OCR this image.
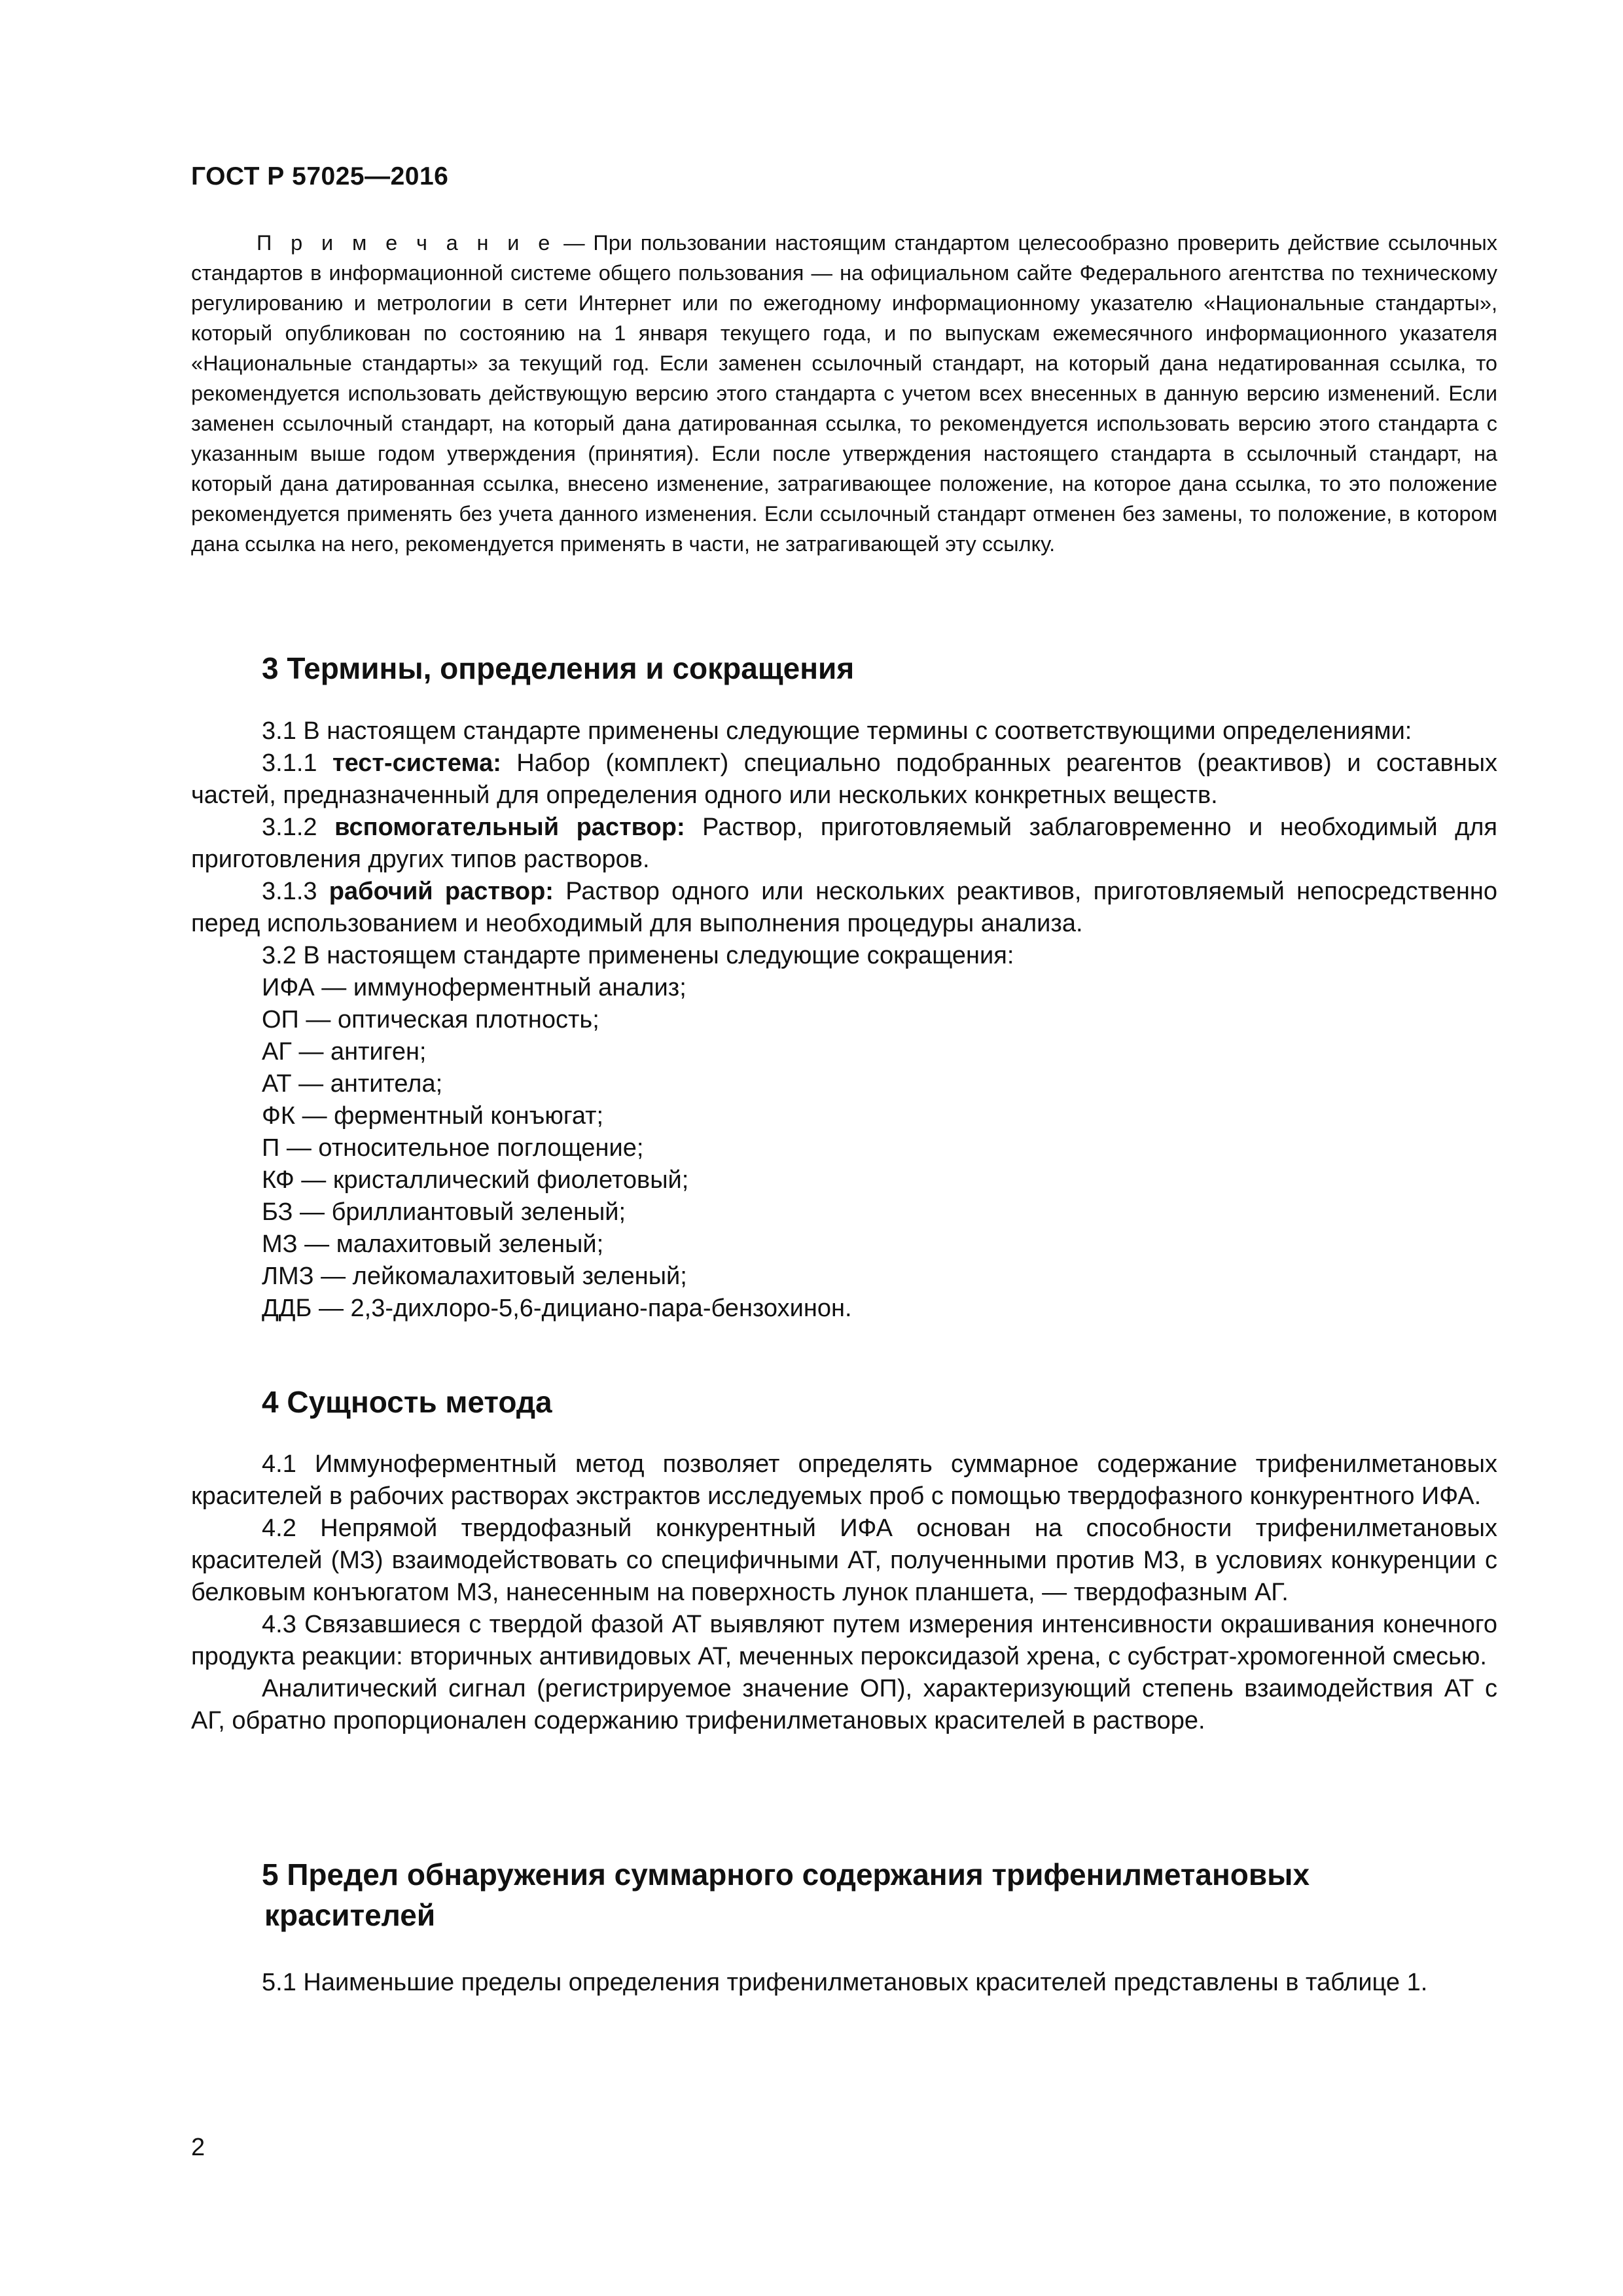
ГОСТ Р 57025—2016
П р и м е ч а н и е — При пользовании настоящим стандартом целесообразно проверить действие ссылочных стандартов в информационной системе общего пользования — на официальном сайте Федерального агентства по техническому регулированию и метрологии в сети Интернет или по ежегодному информационному указателю «Национальные стандарты», который опубликован по состоянию на 1 января текущего года, и по выпускам ежемесячного информационного указателя «Национальные стандарты» за текущий год. Если заменен ссылочный стандарт, на который дана недатированная ссылка, то рекомендуется использовать действующую версию этого стандарта с учетом всех внесенных в данную версию изменений. Если заменен ссылочный стандарт, на который дана датированная ссылка, то рекомендуется использовать версию этого стандарта с указанным выше годом утверждения (принятия). Если после утверждения настоящего стандарта в ссылочный стандарт, на который дана датированная ссылка, внесено изменение, затрагивающее положение, на которое дана ссылка, то это положение рекомендуется применять без учета данного изменения. Если ссылочный стандарт отменен без замены, то положение, в котором дана ссылка на него, рекомендуется применять в части, не затрагивающей эту ссылку.
3 Термины, определения и сокращения

3.1 В настоящем стандарте применены следующие термины с соответствующими определениями:

3.1.1 тест-система: Набор (комплект) специально подобранных реагентов (реактивов) и составных частей, предназначенный для определения одного или нескольких конкретных веществ.

3.1.2 вспомогательный раствор: Раствор, приготовляемый заблаговременно и необходимый для приготовления других типов растворов.

3.1.3 рабочий раствор: Раствор одного или нескольких реактивов, приготовляемый непосредственно перед использованием и необходимый для выполнения процедуры анализа.

3.2 В настоящем стандарте применены следующие сокращения:

ИФА — иммуноферментный анализ;

ОП — оптическая плотность;

АГ — антиген;

АТ — антитела;

ФК — ферментный конъюгат;

П — относительное поглощение;

КФ — кристаллический фиолетовый;

БЗ — бриллиантовый зеленый;

МЗ — малахитовый зеленый;

ЛМЗ — лейкомалахитовый зеленый;

ДДБ — 2,3-дихлоро-5,6-дициано-пара-бензохинон.

4 Сущность метода

4.1 Иммуноферментный метод позволяет определять суммарное содержание трифенилметановых красителей в рабочих растворах экстрактов исследуемых проб с помощью твердофазного конкурентного ИФА.

4.2 Непрямой твердофазный конкурентный ИФА основан на способности трифенилметановых красителей (МЗ) взаимодействовать со специфичными АТ, полученными против МЗ, в условиях конкуренции с белковым конъюгатом МЗ, нанесенным на поверхность лунок планшета, — твердофазным АГ.

4.3 Связавшиеся с твердой фазой АТ выявляют путем измерения интенсивности окрашивания конечного продукта реакции: вторичных антивидовых АТ, меченных пероксидазой хрена, с субстрат-хромогенной смесью.

Аналитический сигнал (регистрируемое значение ОП), характеризующий степень взаимодействия АТ с АГ, обратно пропорционален содержанию трифенилметановых красителей в растворе.

5 Предел обнаружения суммарного содержания трифенилметановых
красителей

5.1 Наименьшие пределы определения трифенилметановых красителей представлены в таблице 1.

2
